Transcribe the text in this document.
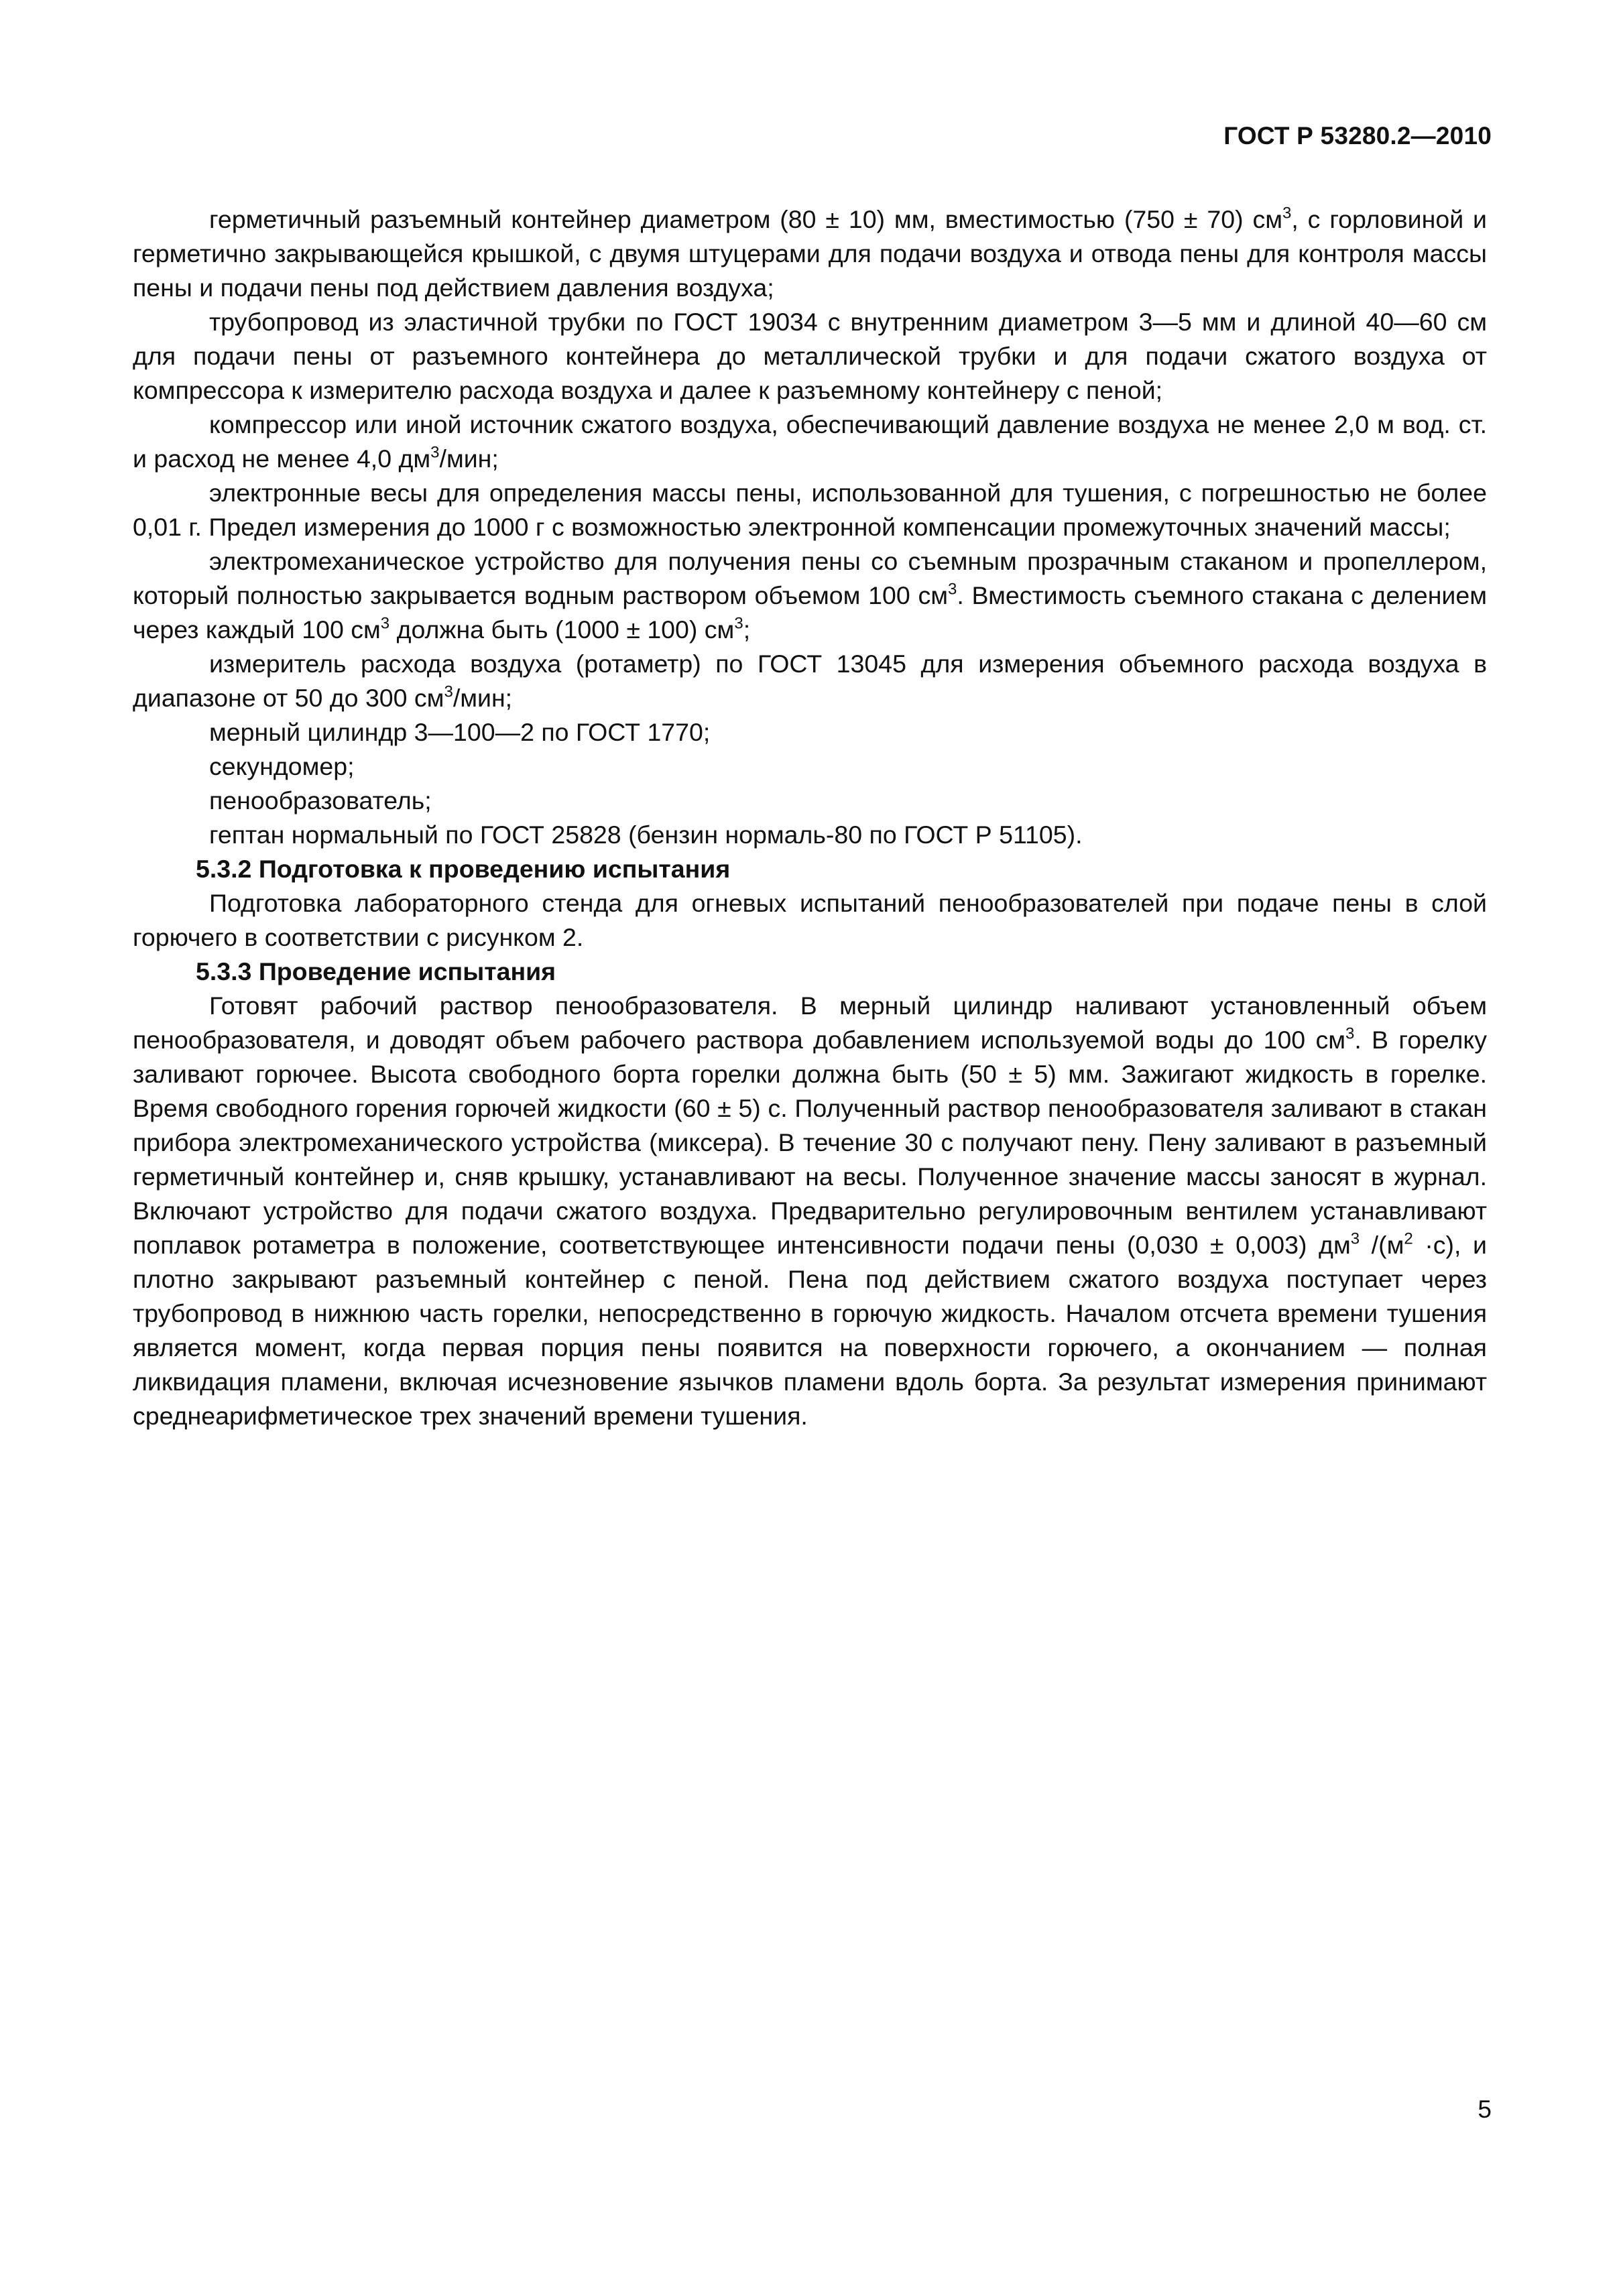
ГОСТ Р 53280.2—2010

герметичный разъемный контейнер диаметром (80 ± 10) мм, вместимостью (750 ± 70) $см^3$, с горловиной и герметично закрывающейся крышкой, с двумя штуцерами для подачи воздуха и отвода пены для контроля массы пены и подачи пены под действием давления воздуха;

трубопровод из эластичной трубки по ГОСТ 19034 с внутренним диаметром 3—5 мм и длиной 40—60 см для подачи пены от разъемного контейнера до металлической трубки и для подачи сжатого воздуха от компрессора к измерителю расхода воздуха и далее к разъемному контейнеру с пеной;

компрессор или иной источник сжатого воздуха, обеспечивающий давление воздуха не менее 2,0 м вод. ст. и расход не менее 4,0 $дм^3$/мин;

электронные весы для определения массы пены, использованной для тушения, с погрешностью не более 0,01 г. Предел измерения до 1000 г с возможностью электронной компенсации промежуточных значений массы;

электромеханическое устройство для получения пены со съемным прозрачным стаканом и пропеллером, который полностью закрывается водным раствором объемом 100 $см^3$. Вместимость съемного стакана с делением через каждый 100 $см^3$ должна быть (1000 ± 100) $см^3$;

измеритель расхода воздуха (ротаметр) по ГОСТ 13045 для измерения объемного расхода воздуха в диапазоне от 50 до 300 $см^3$/мин;

мерный цилиндр 3—100—2 по ГОСТ 1770;

секундомер;

пенообразователь;

гептан нормальный по ГОСТ 25828 (бензин нормаль-80 по ГОСТ Р 51105).

5.3.2 Подготовка к проведению испытания

Подготовка лабораторного стенда для огневых испытаний пенообразователей при подаче пены в слой горючего в соответствии с рисунком 2.

5.3.3 Проведение испытания

Готовят рабочий раствор пенообразователя. В мерный цилиндр наливают установленный объем пенообразователя, и доводят объем рабочего раствора добавлением используемой воды до 100 $см^3$. В горелку заливают горючее. Высота свободного борта горелки должна быть (50 ± 5) мм. Зажигают жидкость в горелке. Время свободного горения горючей жидкости (60 ± 5) с. Полученный раствор пенообразователя заливают в стакан прибора электромеханического устройства (миксера). В течение 30 с получают пену. Пену заливают в разъемный герметичный контейнер и, сняв крышку, устанавливают на весы. Полученное значение массы заносят в журнал. Включают устройство для подачи сжатого воздуха. Предварительно регулировочным вентилем устанавливают поплавок ротаметра в положение, соответствующее интенсивности подачи пены (0,030 ± 0,003) $дм^3$ $/(м^2 \cdot с)$, и плотно закрывают разъемный контейнер с пеной. Пена под действием сжатого воздуха поступает через трубопровод в нижнюю часть горелки, непосредственно в горючую жидкость. Началом отсчета времени тушения является момент, когда первая порция пены появится на поверхности горючего, а окончанием — полная ликвидация пламени, включая исчезновение язычков пламени вдоль борта. За результат измерения принимают среднеарифметическое трех значений времени тушения.

5
